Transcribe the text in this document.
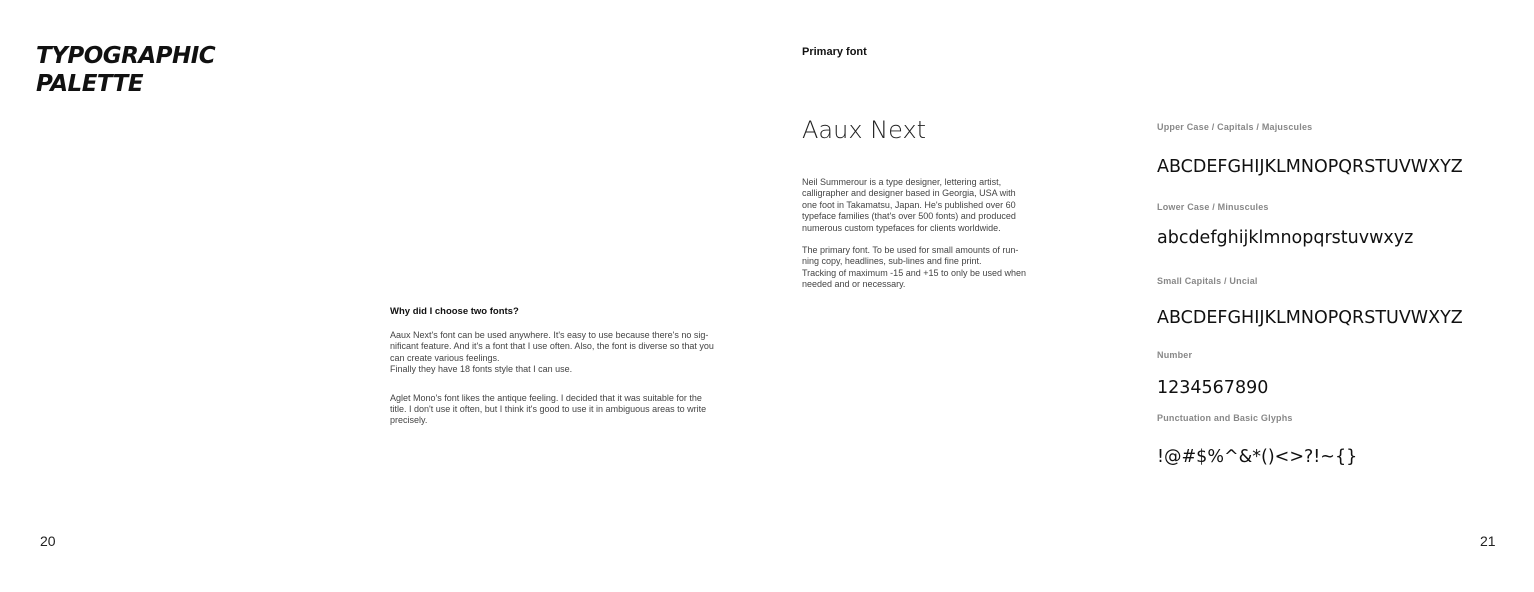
TYPOGRAPHIC
PALETTE
Why did I choose two fonts?

Aaux Next's font can be used anywhere. It's easy to use because there's no sig-
nificant feature. And it's a font that I use often. Also, the font is diverse so that you
can create various feelings.
Finally they have 18 fonts style that I can use.

Aglet Mono's font likes the antique feeling. I decided that it was suitable for the
title. I don't use it often, but I think it's good to use it in ambiguous areas to write
precisely.

20
Primary font
Aaux Next

Neil Summerour is a type designer, lettering artist,
calligrapher and designer based in Georgia, USA with
one foot in Takamatsu, Japan. He's published over 60
typeface families (that's over 500 fonts) and produced
numerous custom typefaces for clients worldwide.

The primary font. To be used for small amounts of run-
ning copy, headlines, sub-lines and fine print.
Tracking of maximum -15 and +15 to only be used when
needed and or necessary.

Upper Case / Capitals / Majuscules
ABCDEFGHIJKLMNOPQRSTUVWXYZ
Lower Case / Minuscules
abcdefghijklmnopqrstuvwxyz
Small Capitals / Uncial
ABCDEFGHIJKLMNOPQRSTUVWXYZ
Number
1234567890
Punctuation and Basic Glyphs
!@#$%^&*()<>?!~{}
21
